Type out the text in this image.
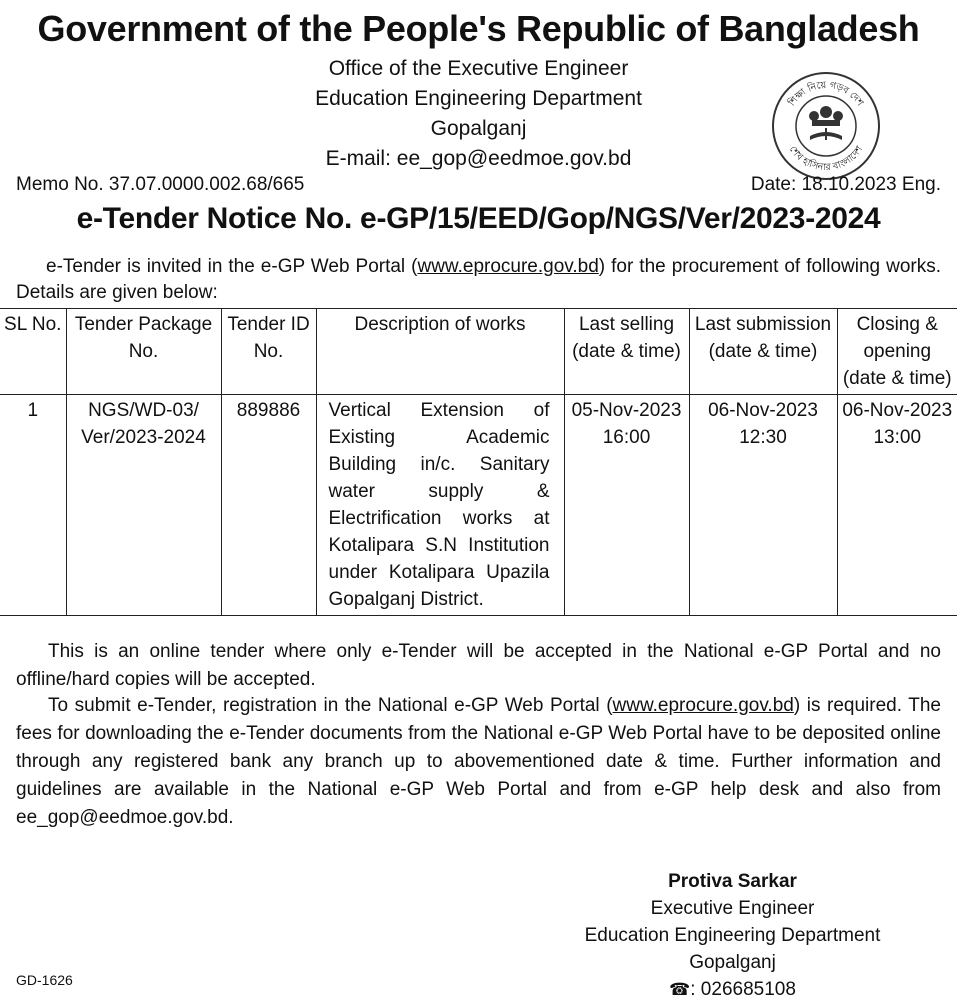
Government of the People's Republic of Bangladesh
Office of the Executive Engineer
Education Engineering Department
Gopalganj
E-mail: ee_gop@eedmoe.gov.bd
শিক্ষা নিয়ে গড়ব দেশ
শেখ হাসিনার বাংলাদেশ
Memo No. 37.07.0000.002.68/665	Date: 18.10.2023 Eng.
e-Tender Notice No. e-GP/15/EED/Gop/NGS/Ver/2023-2024
e-Tender is invited in the e-GP Web Portal (www.eprocure.gov.bd) for the procurement of following works. Details are given below:
SL No.	Tender Package No.	Tender ID No.	Description of works	Last selling (date & time)	Last submission (date & time)	Closing & opening (date & time)
1	NGS/WD-03/ Ver/2023-2024	889886	Vertical Extension of Existing Academic Building in/c. Sanitary water supply & Electrification works at Kotalipara S.N Institution under Kotalipara Upazila Gopalganj District.	05-Nov-2023 16:00	06-Nov-2023 12:30	06-Nov-2023 13:00
This is an online tender where only e-Tender will be accepted in the National e-GP Portal and no offline/hard copies will be accepted.
To submit e-Tender, registration in the National e-GP Web Portal (www.eprocure.gov.bd) is required. The fees for downloading the e-Tender documents from the National e-GP Web Portal have to be deposited online through any registered bank any branch up to abovementioned date & time. Further information and guidelines are available in the National e-GP Web Portal and from e-GP help desk and also from ee_gop@eedmoe.gov.bd.
Protiva Sarkar
Executive Engineer
Education Engineering Department
Gopalganj
☎: 026685108
GD-1626
